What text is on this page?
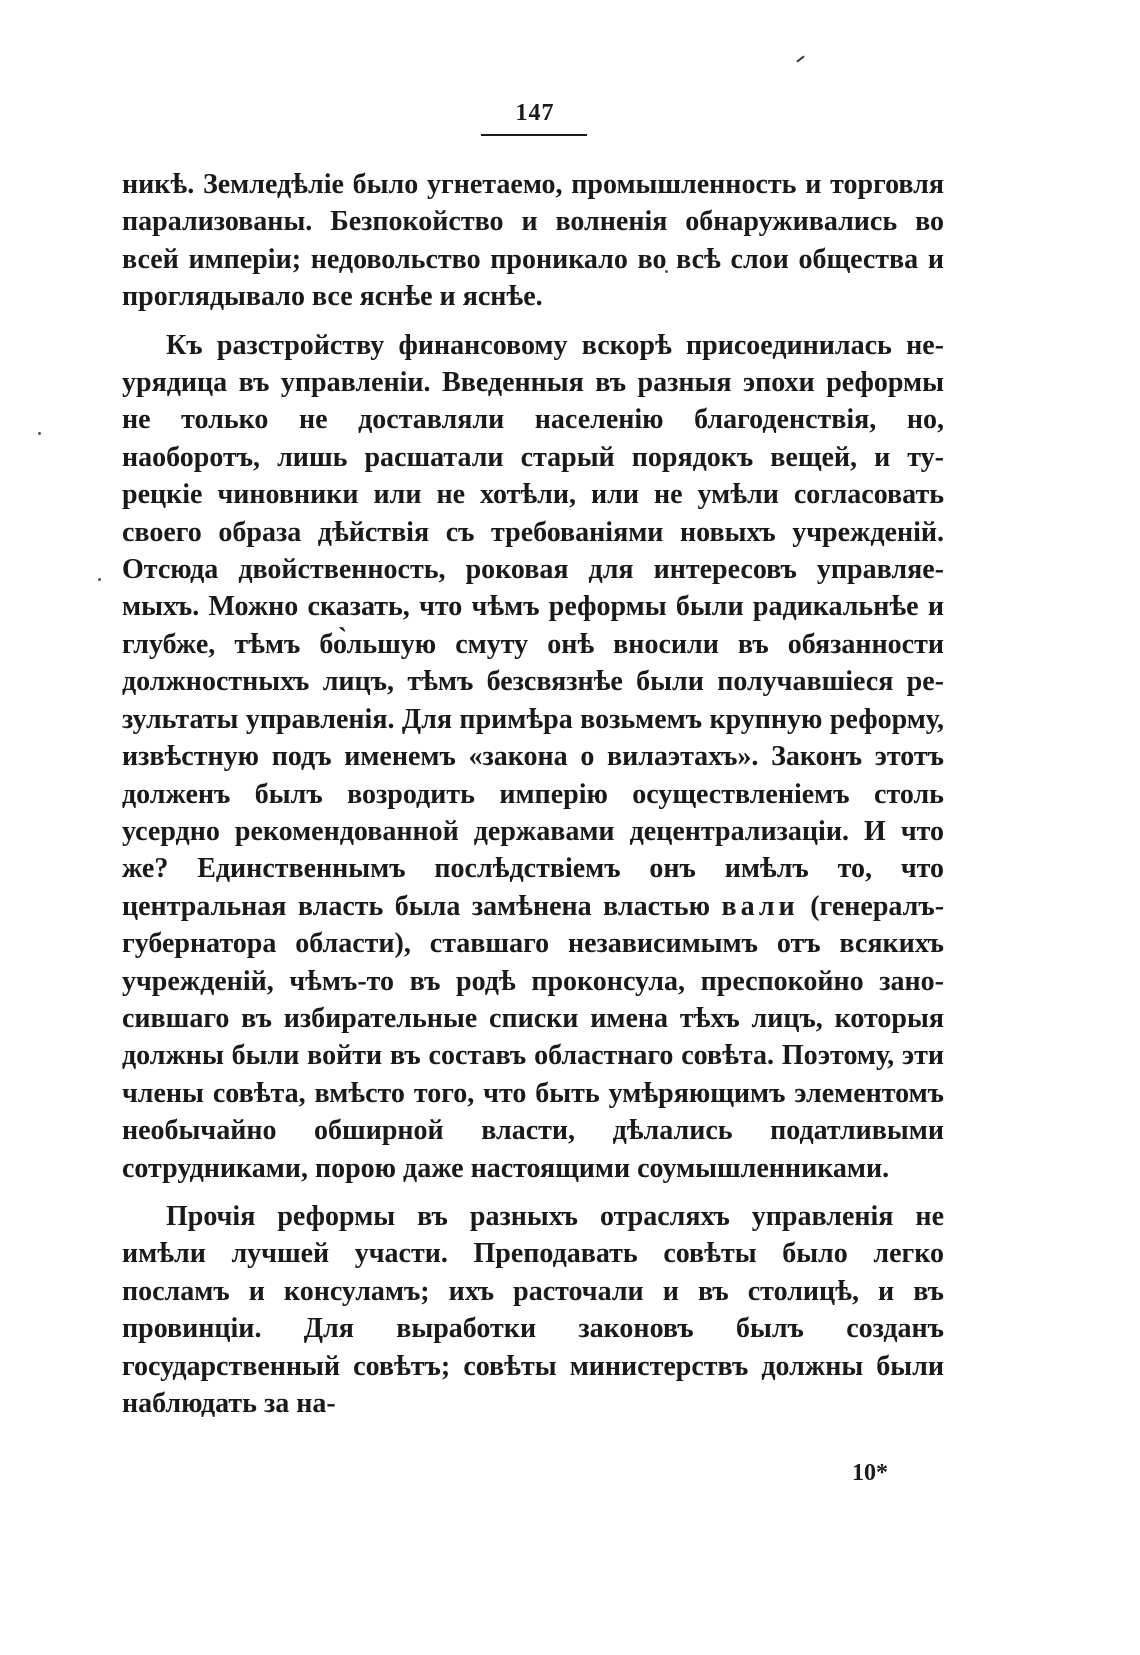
147

никѣ. Земледѣліе было угнетаемо, промышленность и торговля парализованы. Безпокойство и волненія обнаруживались во всей имперіи; недовольство проникало во всѣ слои общества и проглядывало все яснѣе и яснѣе.

Къ разстройству финансовому вскорѣ присоединилась неурядица въ управленіи. Введенныя въ разныя эпохи реформы не только не доставляли населенію благоденствія, но, наоборотъ, лишь расшатали старый порядокъ вещей, и турецкіе чиновники или не хотѣли, или не умѣли согласовать своего образа дѣйствія съ требованіями новыхъ учрежденій. Отсюда двойственность, роковая для интересовъ управляемыхъ. Можно сказать, что чѣмъ реформы были радикальнѣе и глубже, тѣмъ бо̀льшую смуту онѣ вносили въ обязанности должностныхъ лицъ, тѣмъ безсвязнѣе были получавшіеся результаты управленія. Для примѣра возьмемъ крупную реформу, извѣстную подъ именемъ «закона о вилаэтахъ». Законъ этотъ долженъ былъ возродить имперію осуществленіемъ столь усердно рекомендованной державами децентрализаціи. И что же? Единственнымъ послѣдствіемъ онъ имѣлъ то, что центральная власть была замѣнена властью вали (генералъ-губернатора области), ставшаго независимымъ отъ всякихъ учрежденій, чѣмъ-то въ родѣ проконсула, преспокойно заносившаго въ избирательные списки имена тѣхъ лицъ, которыя должны были войти въ составъ областнаго совѣта. Поэтому, эти члены совѣта, вмѣсто того, что быть умѣряющимъ элементомъ необычайно обширной власти, дѣлались податливыми сотрудниками, порою даже настоящими соумышленниками.

Прочія реформы въ разныхъ отрасляхъ управленія не имѣли лучшей участи. Преподавать совѣты было легко посламъ и консуламъ; ихъ расточали и въ столицѣ, и въ провинціи. Для выработки законовъ былъ созданъ государственный совѣтъ; совѣты министерствъ должны были наблюдать за на-

10*
